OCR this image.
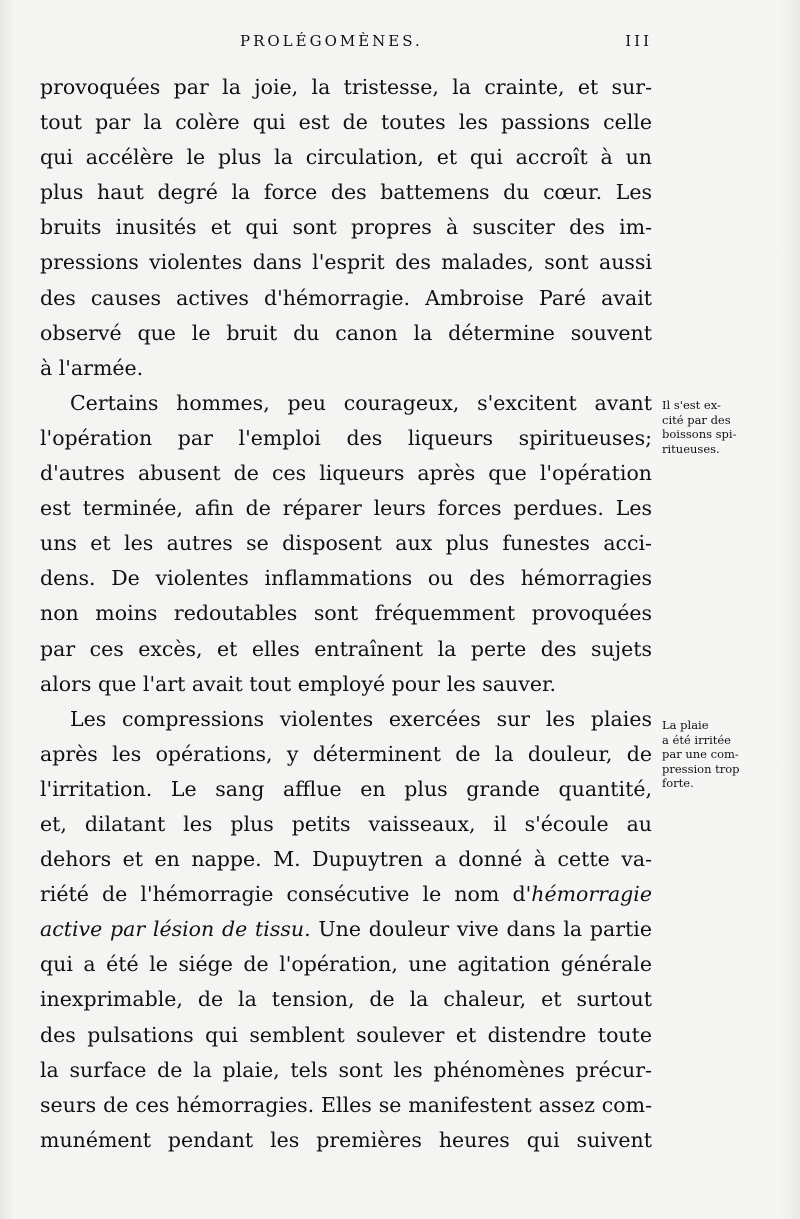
PROLÉGOMÈNES.	III
provoquées par la joie, la tristesse, la crainte, et sur-
tout par la colère qui est de toutes les passions celle
qui accélère le plus la circulation, et qui accroît à un
plus haut degré la force des battemens du cœur. Les
bruits inusités et qui sont propres à susciter des im-
pressions violentes dans l'esprit des malades, sont aussi
des causes actives d'hémorragie. Ambroise Paré avait
observé que le bruit du canon la détermine souvent
à l'armée.
Certains hommes, peu courageux, s'excitent avant
l'opération par l'emploi des liqueurs spiritueuses;
d'autres abusent de ces liqueurs après que l'opération
est terminée, afin de réparer leurs forces perdues. Les
uns et les autres se disposent aux plus funestes acci-
dens. De violentes inflammations ou des hémorragies
non moins redoutables sont fréquemment provoquées
par ces excès, et elles entraînent la perte des sujets
alors que l'art avait tout employé pour les sauver.
Les compressions violentes exercées sur les plaies
après les opérations, y déterminent de la douleur, de
l'irritation. Le sang afflue en plus grande quantité,
et, dilatant les plus petits vaisseaux, il s'écoule au
dehors et en nappe. M. Dupuytren a donné à cette va-
riété de l'hémorragie consécutive le nom d'hémorragie
active par lésion de tissu. Une douleur vive dans la partie
qui a été le siége de l'opération, une agitation générale
inexprimable, de la tension, de la chaleur, et surtout
des pulsations qui semblent soulever et distendre toute
la surface de la plaie, tels sont les phénomènes précur-
seurs de ces hémorragies. Elles se manifestent assez com-
munément pendant les premières heures qui suivent
Il s'est ex-
cité par des
boissons spi-
ritueuses.
La plaie
a été irritée
par une com-
pression trop
forte.
